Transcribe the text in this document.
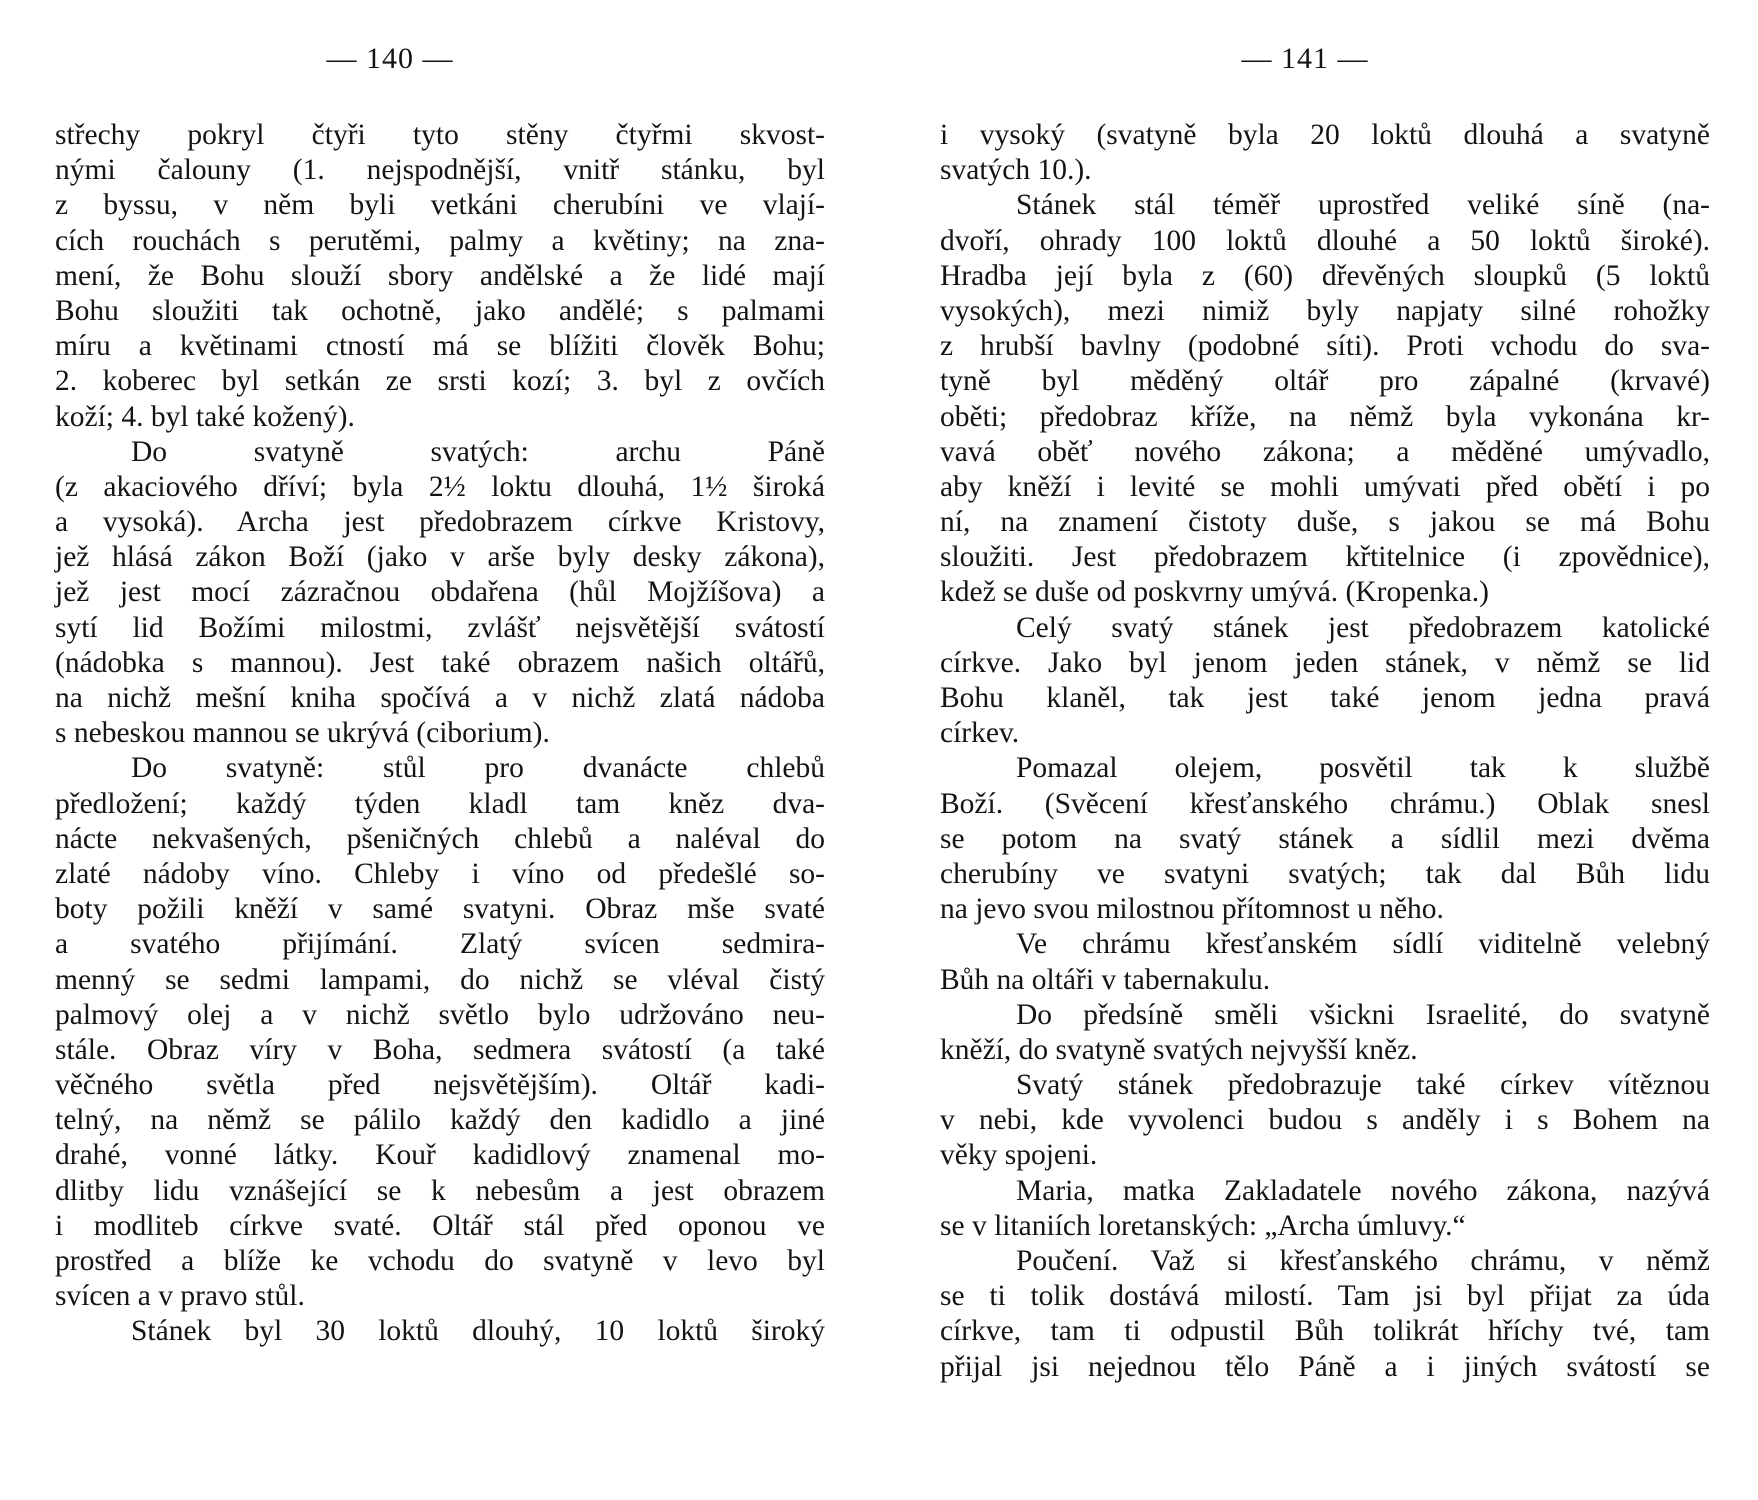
— 140 —
střechy pokryl čtyři tyto stěny čtyřmi skvost-
nými čalouny (1. nejspodnější, vnitř stánku, byl
z byssu, v něm byli vetkáni cherubíni ve vlají-
cích rouchách s perutěmi, palmy a květiny; na zna-
mení, že Bohu slouží sbory andělské a že lidé mají
Bohu sloužiti tak ochotně, jako andělé; s palmami
míru a květinami ctností má se blížiti člověk Bohu;
2. koberec byl setkán ze srsti kozí; 3. byl z ovčích
koží; 4. byl také kožený).
Do svatyně svatých: archu Páně
(z akaciového dříví; byla 2½ loktu dlouhá, 1½ široká
a vysoká). Archa jest předobrazem církve Kristovy,
jež hlásá zákon Boží (jako v arše byly desky zákona),
jež jest mocí zázračnou obdařena (hůl Mojžíšova) a
sytí lid Božími milostmi, zvlášť nejsvětější svátostí
(nádobka s mannou). Jest také obrazem našich oltářů,
na nichž mešní kniha spočívá a v nichž zlatá nádoba
s nebeskou mannou se ukrývá (ciborium).
Do svatyně: stůl pro dvanácte chlebů
předložení; každý týden kladl tam kněz dva-
nácte nekvašených, pšeničných chlebů a naléval do
zlaté nádoby víno. Chleby i víno od předešlé so-
boty požili kněží v samé svatyni. Obraz mše svaté
a svatého přijímání. Zlatý svícen sedmira-
menný se sedmi lampami, do nichž se vléval čistý
palmový olej a v nichž světlo bylo udržováno neu-
stále. Obraz víry v Boha, sedmera svátostí (a také
věčného světla před nejsvětějším). Oltář kadi-
telný, na němž se pálilo každý den kadidlo a jiné
drahé, vonné látky. Kouř kadidlový znamenal mo-
dlitby lidu vznášející se k nebesům a jest obrazem
i modliteb církve svaté. Oltář stál před oponou ve
prostřed a blíže ke vchodu do svatyně v levo byl
svícen a v pravo stůl.
Stánek byl 30 loktů dlouhý, 10 loktů široký
— 141 —
i vysoký (svatyně byla 20 loktů dlouhá a svatyně
svatých 10.).
Stánek stál téměř uprostřed veliké síně (na-
dvoří, ohrady 100 loktů dlouhé a 50 loktů široké).
Hradba její byla z (60) dřevěných sloupků (5 loktů
vysokých), mezi nimiž byly napjaty silné rohožky
z hrubší bavlny (podobné síti). Proti vchodu do sva-
tyně byl měděný oltář pro zápalné (krvavé)
oběti; předobraz kříže, na němž byla vykonána kr-
vavá oběť nového zákona; a měděné umývadlo,
aby kněží i levité se mohli umývati před obětí i po
ní, na znamení čistoty duše, s jakou se má Bohu
sloužiti. Jest předobrazem křtitelnice (i zpovědnice),
kdež se duše od poskvrny umývá. (Kropenka.)
Celý svatý stánek jest předobrazem katolické
církve. Jako byl jenom jeden stánek, v němž se lid
Bohu klaněl, tak jest také jenom jedna pravá
církev.
Pomazal olejem, posvětil tak k službě
Boží. (Svěcení křesťanského chrámu.) Oblak snesl
se potom na svatý stánek a sídlil mezi dvěma
cherubíny ve svatyni svatých; tak dal Bůh lidu
na jevo svou milostnou přítomnost u něho.
Ve chrámu křesťanském sídlí viditelně velebný
Bůh na oltáři v tabernakulu.
Do předsíně směli všickni Israelité, do svatyně
kněží, do svatyně svatých nejvyšší kněz.
Svatý stánek předobrazuje také církev vítěznou
v nebi, kde vyvolenci budou s anděly i s Bohem na
věky spojeni.
Maria, matka Zakladatele nového zákona, nazývá
se v litaniích loretanských: „Archa úmluvy.“
Poučení. Važ si křesťanského chrámu, v němž
se ti tolik dostává milostí. Tam jsi byl přijat za úda
církve, tam ti odpustil Bůh tolikrát hříchy tvé, tam
přijal jsi nejednou tělo Páně a i jiných svátostí se
